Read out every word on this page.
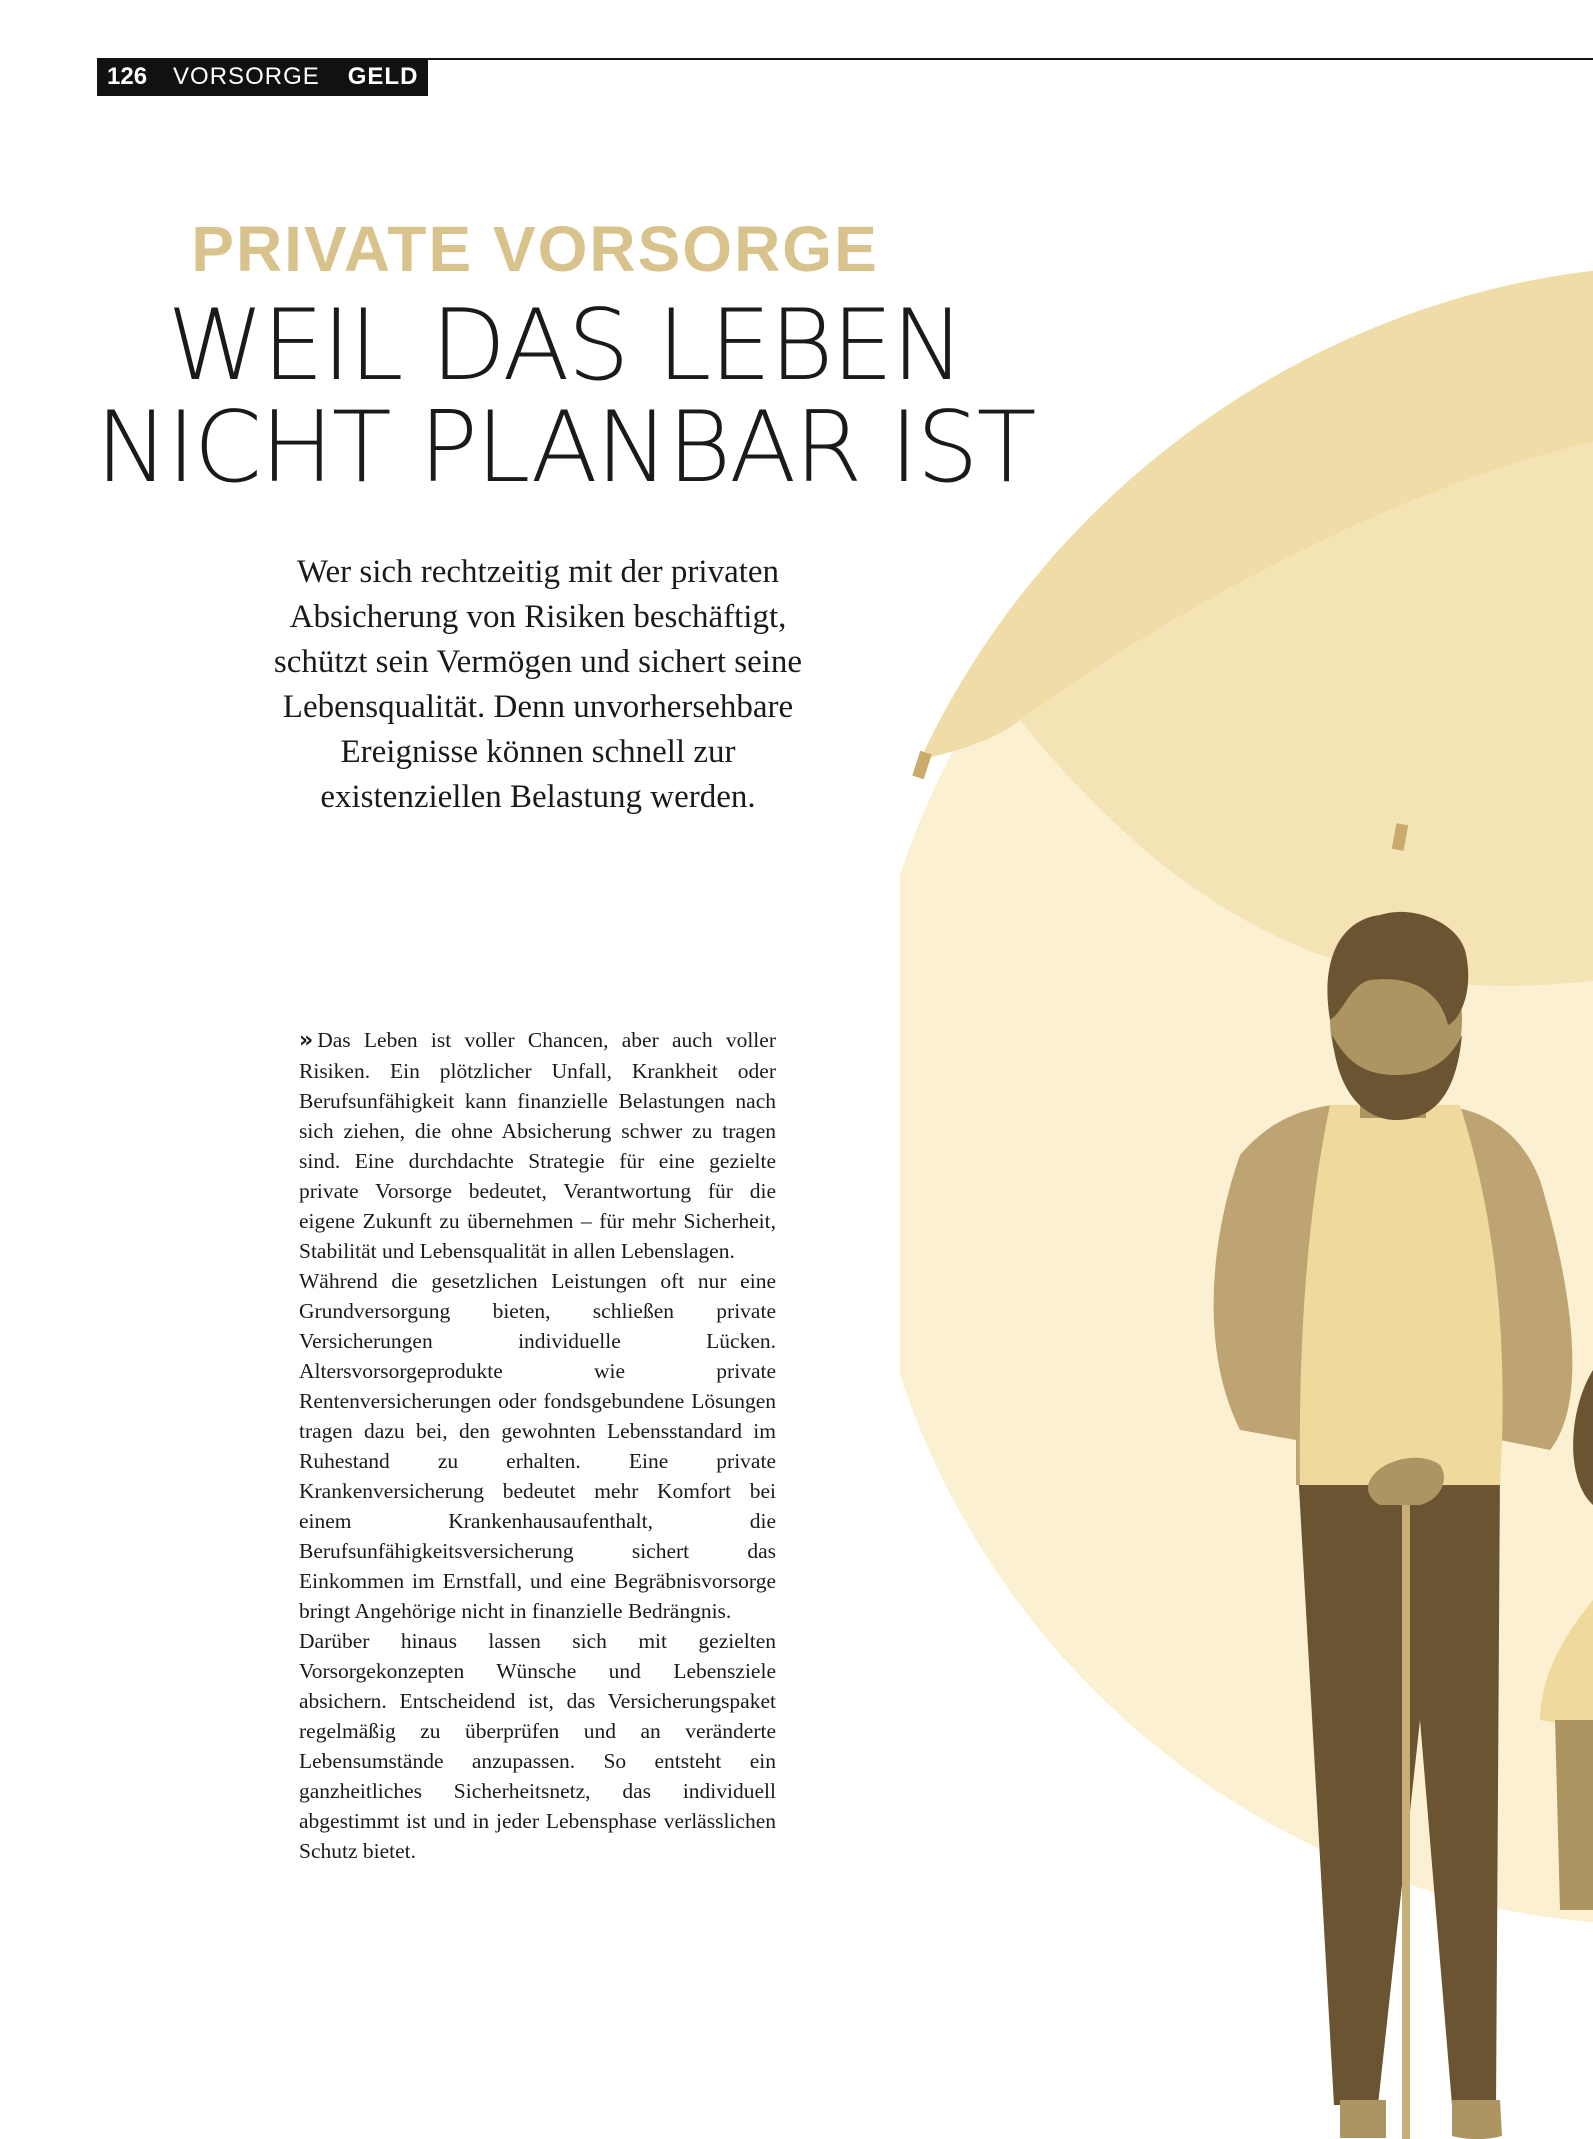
126 VORSORGE GELD
PRIVATE VORSORGE
WEIL DAS LEBEN
NICHT PLANBAR IST

Wer sich rechtzeitig mit der privaten Absicherung von Risiken beschäftigt, schützt sein Vermögen und sichert seine Lebensqualität. Denn unvorhersehbare Ereignisse können schnell zur existenziellen Belastung werden.

» Das Leben ist voller Chancen, aber auch voller Risiken. Ein plötzlicher Unfall, Krankheit oder Berufsunfähigkeit kann finanzielle Belastungen nach sich ziehen, die ohne Absicherung schwer zu tragen sind. Eine durchdachte Strategie für eine gezielte private Vorsorge bedeutet, Verantwortung für die eigene Zukunft zu übernehmen – für mehr Sicherheit, Stabilität und Lebensqualität in allen Lebenslagen.

Während die gesetzlichen Leistungen oft nur eine Grundversorgung bieten, schließen private Versicherungen individuelle Lücken. Altersvorsorgeprodukte wie private Rentenversicherungen oder fondsgebundene Lösungen tragen dazu bei, den gewohnten Lebensstandard im Ruhestand zu erhalten. Eine private Krankenversicherung bedeutet mehr Komfort bei einem Krankenhausaufenthalt, die Berufsunfähigkeitsversicherung sichert das Einkommen im Ernstfall, und eine Begräbnisvorsorge bringt Angehörige nicht in finanzielle Bedrängnis.

Darüber hinaus lassen sich mit gezielten Vorsorgekonzepten Wünsche und Lebensziele absichern. Entscheidend ist, das Versicherungspaket regelmäßig zu überprüfen und an veränderte Lebensumstände anzupassen. So entsteht ein ganzheitliches Sicherheitsnetz, das individuell abgestimmt ist und in jeder Lebensphase verlässlichen Schutz bietet.
